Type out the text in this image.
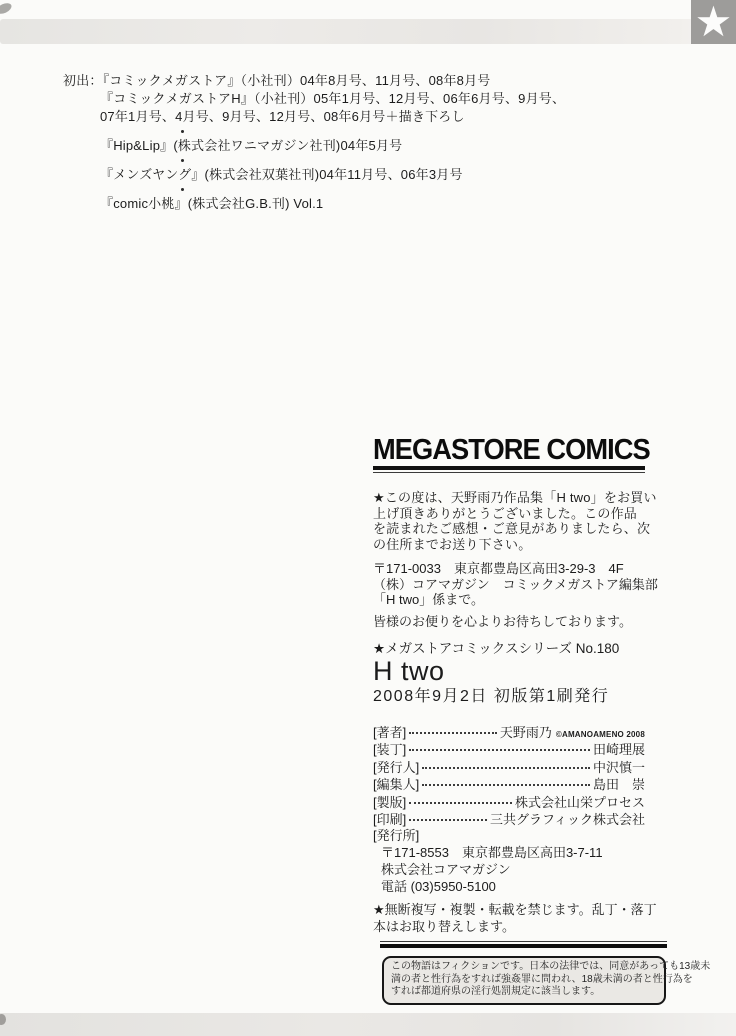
★
初出：『コミックメガストア』（小社刊）04年8月号、11月号、08年8月号
『コミックメガストアH』（小社刊）05年1月号、12月号、06年6月号、9月号、
07年1月号、4月号、9月号、12月号、08年6月号＋描き下ろし
『Hip&Lip』(株式会社ワニマガジン社刊)04年5月号
『メンズヤング』(株式会社双葉社刊)04年11月号、06年3月号
『comic小桃』(株式会社G.B.刊) Vol.1
MEGASTORE COMICS
★この度は、天野雨乃作品集「H two」をお買い
上げ頂きありがとうございました。この作品
を読まれたご感想・ご意見がありましたら、次
の住所までお送り下さい。
〒171-0033　東京都豊島区高田3-29-3　4F
（株）コアマガジン　コミックメガストア編集部
「H two」係まで。
皆様のお便りを心よりお待ちしております。
★メガストアコミックスシリーズ No.180
H two
2008年9月2日 初版第1刷発行
[著者]	天野雨乃 ©AMANOAMENO 2008
[装丁]	田崎理展
[発行人]	中沢慎一
[編集人]	島田　崇
[製版]	株式会社山栄プロセス
[印刷]	三共グラフィック株式会社
[発行所]
〒171-8553　東京都豊島区高田3-7-11
株式会社コアマガジン
電話 (03)5950-5100
★無断複写・複製・転載を禁じます。乱丁・落丁
本はお取り替えします。
この物語はフィクションです。日本の法律では、同意があっても13歳未
満の者と性行為をすれば強姦罪に問われ、18歳未満の者と性行為を
すれば都道府県の淫行処罰規定に該当します。
